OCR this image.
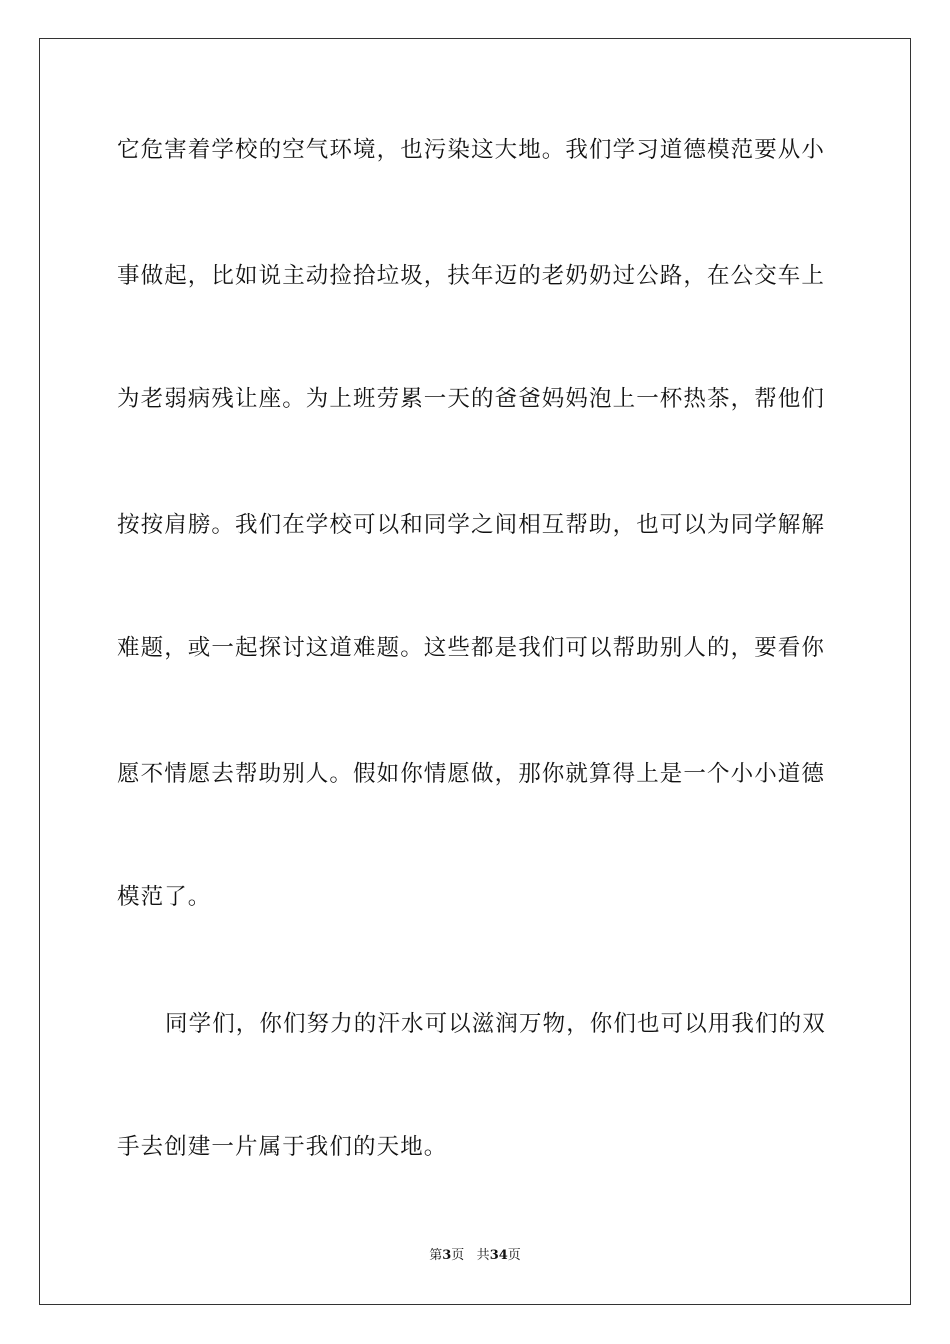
它危害着学校的空气环境，也污染这大地。我们学习道德模范要从小
事做起，比如说主动捡拾垃圾，扶年迈的老奶奶过公路，在公交车上
为老弱病残让座。为上班劳累一天的爸爸妈妈泡上一杯热茶，帮他们
按按肩膀。我们在学校可以和同学之间相互帮助，也可以为同学解解
难题，或一起探讨这道难题。这些都是我们可以帮助别人的，要看你
愿不情愿去帮助别人。假如你情愿做，那你就算得上是一个小小道德
模范了。
同学们，你们努力的汗水可以滋润万物，你们也可以用我们的双
手去创建一片属于我们的天地。
第3页 共34页
